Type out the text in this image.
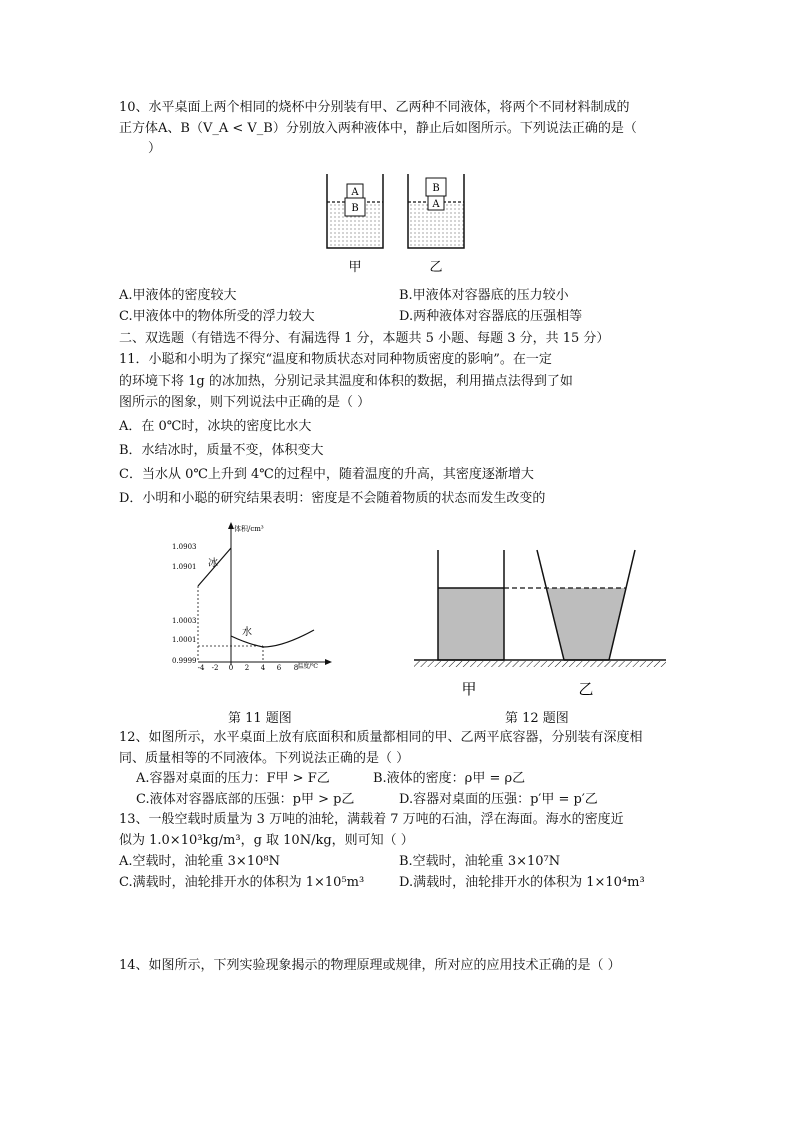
10、水平桌面上两个相同的烧杯中分别装有甲、乙两种不同液体，将两个不同材料制成的
正方体A、B（V_A < V_B）分别放入两种液体中，静止后如图所示。下列说法正确的是（
）
A
B
B
A
甲	乙
A.甲液体的密度较大	B.甲液体对容器底的压力较小
C.甲液体中的物体所受的浮力较大	D.两种液体对容器底的压强相等
二、双选题（有错选不得分、有漏选得 1 分，本题共 5 小题、每题 3 分，共 15 分）
11．小聪和小明为了探究“温度和物质状态对同种物质密度的影响”。在一定
的环境下将 1g 的冰加热，分别记录其温度和体积的数据，利用描点法得到了如
图所示的图象，则下列说法中正确的是（ ）
A．在 0℃时，冰块的密度比水大
B．水结冰时，质量不变，体积变大
C．当水从 0℃上升到 4℃的过程中，随着温度的升高，其密度逐渐增大
D．小明和小聪的研究结果表明：密度是不会随着物质的状态而发生改变的
体积/cm³
温度/℃
1.0903
1.0901
1.0003
1.0001
0.9999
-4 -2 0 2 4 6 8
冰
水
甲	乙
第 11 题图	第 12 题图
12、如图所示，水平桌面上放有底面积和质量都相同的甲、乙两平底容器，分别装有深度相
同、质量相等的不同液体。下列说法正确的是（ ）
A.容器对桌面的压力：F甲 > F乙	B.液体的密度：ρ甲 = ρ乙
C.液体对容器底部的压强：p甲 > p乙	D.容器对桌面的压强：p′甲 = p′乙
13、一般空载时质量为 3 万吨的油轮，满载着 7 万吨的石油，浮在海面。海水的密度近
似为 1.0×10³kg/m³，g 取 10N/kg，则可知（ ）
A.空载时，油轮重 3×10⁸N	B.空载时，油轮重 3×10⁷N
C.满载时，油轮排开水的体积为 1×10⁵m³	D.满载时，油轮排开水的体积为 1×10⁴m³
14、如图所示，下列实验现象揭示的物理原理或规律，所对应的应用技术正确的是（ ）
